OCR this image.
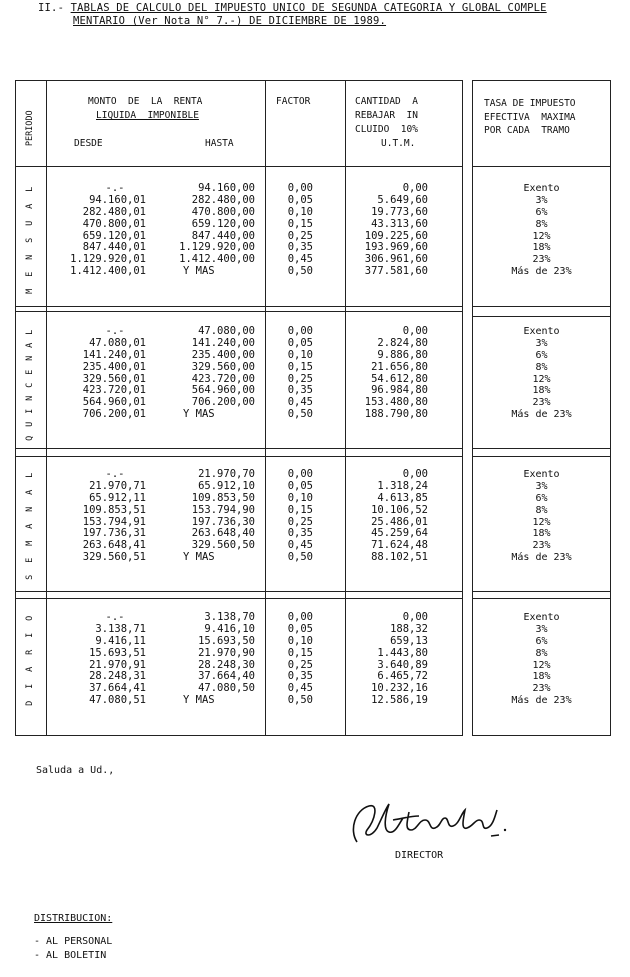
II.- TABLAS DE CALCULO DEL IMPUESTO UNICO DE SEGUNDA CATEGORIA Y GLOBAL COMPLE
MENTARIO (Ver Nota N° 7.-) DE DICIEMBRE DE 1989.
PERIODO
MONTO  DE  LA  RENTA
LIQUIDA  IMPONIBLE
DESDE	HASTA
FACTOR	CANTIDAD  A
REBAJAR  IN
CLUIDO  10%
U.T.M.
TASA DE IMPUESTO
EFECTIVA  MAXIMA
POR CADA  TRAMO
L
A
U
S
N
E
M
-.-	94.160,00	0,00	0,00	Exento
94.160,01	282.480,00	0,05	5.649,60	3%
282.480,01	470.800,00	0,10	19.773,60	6%
470.800,01	659.120,00	0,15	43.313,60	8%
659.120,01	847.440,00	0,25	109.225,60	12%
847.440,01	1.129.920,00	0,35	193.969,60	18%
1.129.920,01	1.412.400,00	0,45	306.961,60	23%
1.412.400,01	Y MAS	0,50	377.581,60	Más de 23%
L
A
N
E
C
N
I
U
Q
-.-	47.080,00	0,00	0,00	Exento
47.080,01	141.240,00	0,05	2.824,80	3%
141.240,01	235.400,00	0,10	9.886,80	6%
235.400,01	329.560,00	0,15	21.656,80	8%
329.560,01	423.720,00	0,25	54.612,80	12%
423.720,01	564.960,00	0,35	96.984,80	18%
564.960,01	706.200,00	0,45	153.480,80	23%
706.200,01	Y MAS	0,50	188.790,80	Más de 23%
L
A
N
A
M
E
S
-.-	21.970,70	0,00	0,00	Exento
21.970,71	65.912,10	0,05	1.318,24	3%
65.912,11	109.853,50	0,10	4.613,85	6%
109.853,51	153.794,90	0,15	10.106,52	8%
153.794,91	197.736,30	0,25	25.486,01	12%
197.736,31	263.648,40	0,35	45.259,64	18%
263.648,41	329.560,50	0,45	71.624,48	23%
329.560,51	Y MAS	0,50	88.102,51	Más de 23%
O
I
R
A
I
D
-.-	3.138,70	0,00	0,00	Exento
3.138,71	9.416,10	0,05	188,32	3%
9.416,11	15.693,50	0,10	659,13	6%
15.693,51	21.970,90	0,15	1.443,80	8%
21.970,91	28.248,30	0,25	3.640,89	12%
28.248,31	37.664,40	0,35	6.465,72	18%
37.664,41	47.080,50	0,45	10.232,16	23%
47.080,51	Y MAS	0,50	12.586,19	Más de 23%
Saluda a Ud.,
DIRECTOR
DISTRIBUCION:
- AL PERSONAL
- AL BOLETIN
